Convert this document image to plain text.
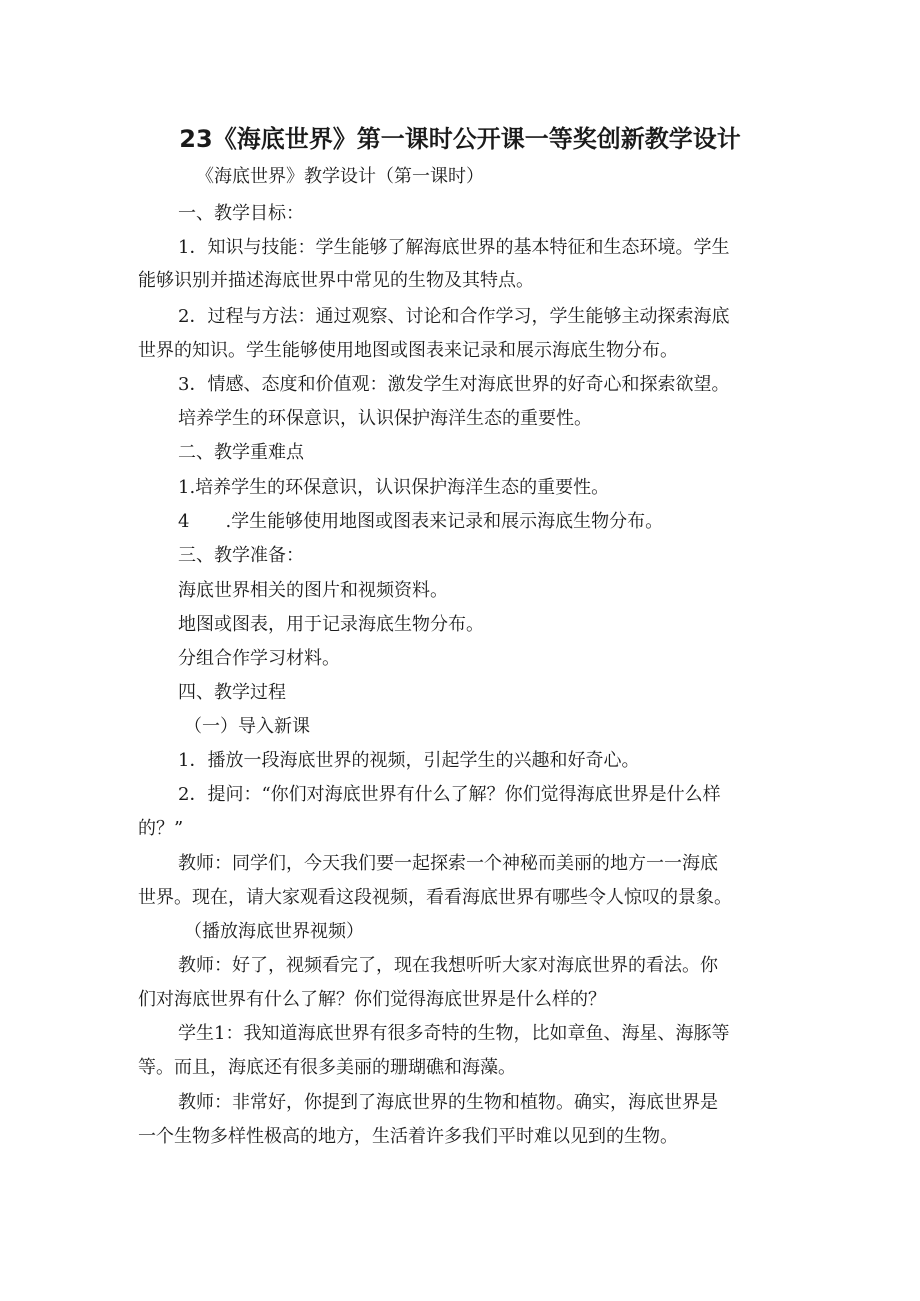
23《海底世界》第一课时公开课一等奖创新教学设计
《海底世界》教学设计（第一课时）
一、教学目标：
1．知识与技能：学生能够了解海底世界的基本特征和生态环境。学生
能够识别并描述海底世界中常见的生物及其特点。
2．过程与方法：通过观察、讨论和合作学习，学生能够主动探索海底
世界的知识。学生能够使用地图或图表来记录和展示海底生物分布。
3．情感、态度和价值观：激发学生对海底世界的好奇心和探索欲望。
培养学生的环保意识，认识保护海洋生态的重要性。
二、教学重难点
1.培养学生的环保意识，认识保护海洋生态的重要性。
4　　.学生能够使用地图或图表来记录和展示海底生物分布。
三、教学准备：
海底世界相关的图片和视频资料。
地图或图表，用于记录海底生物分布。
分组合作学习材料。
四、教学过程
（一）导入新课
1．播放一段海底世界的视频，引起学生的兴趣和好奇心。
2．提问：“你们对海底世界有什么了解？你们觉得海底世界是什么样
的？”
教师：同学们，今天我们要一起探索一个神秘而美丽的地方一一海底
世界。现在，请大家观看这段视频，看看海底世界有哪些令人惊叹的景象。
（播放海底世界视频）
教师：好了，视频看完了，现在我想听听大家对海底世界的看法。你
们对海底世界有什么了解？你们觉得海底世界是什么样的？
学生1：我知道海底世界有很多奇特的生物，比如章鱼、海星、海豚等
等。而且，海底还有很多美丽的珊瑚礁和海藻。
教师：非常好，你提到了海底世界的生物和植物。确实，海底世界是
一个生物多样性极高的地方，生活着许多我们平时难以见到的生物。
